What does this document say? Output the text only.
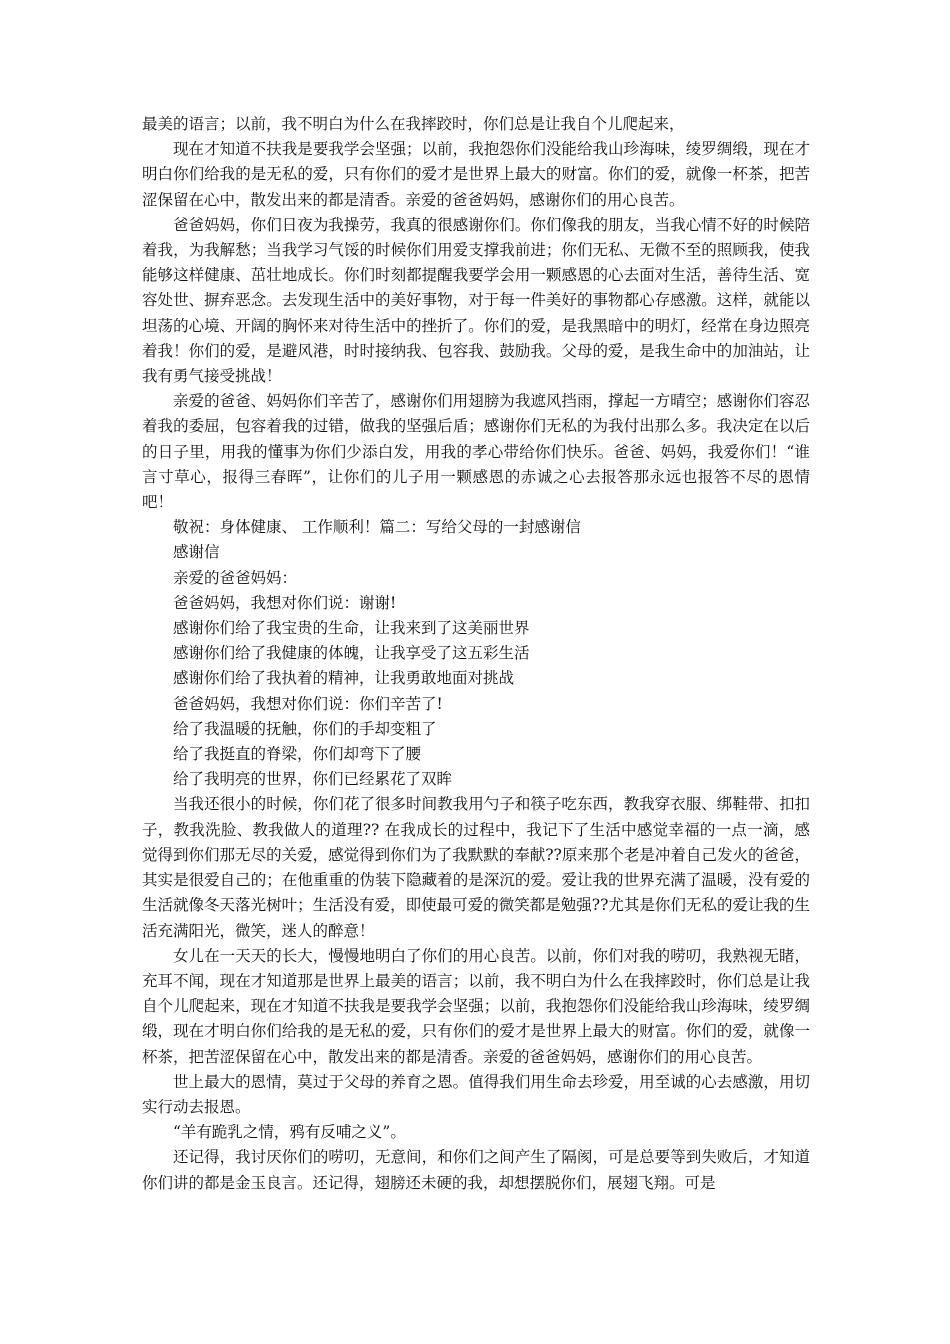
最美的语言；以前，我不明白为什么在我摔跤时，你们总是让我自个儿爬起来，

现在才知道不扶我是要我学会坚强；以前，我抱怨你们没能给我山珍海味，绫罗绸缎，现在才明白你们给我的是无私的爱，只有你们的爱才是世界上最大的财富。你们的爱，就像一杯茶，把苦涩保留在心中，散发出来的都是清香。亲爱的爸爸妈妈，感谢你们的用心良苦。

爸爸妈妈，你们日夜为我操劳，我真的很感谢你们。你们像我的朋友，当我心情不好的时候陪着我，为我解愁；当我学习气馁的时候你们用爱支撑我前进；你们无私、无微不至的照顾我，使我能够这样健康、茁壮地成长。你们时刻都提醒我要学会用一颗感恩的心去面对生活，善待生活、宽容处世、摒弃恶念。去发现生活中的美好事物，对于每一件美好的事物都心存感激。这样，就能以坦荡的心境、开阔的胸怀来对待生活中的挫折了。你们的爱，是我黑暗中的明灯，经常在身边照亮着我！你们的爱，是避风港，时时接纳我、包容我、鼓励我。父母的爱，是我生命中的加油站，让我有勇气接受挑战！

亲爱的爸爸、妈妈你们辛苦了，感谢你们用翅膀为我遮风挡雨，撑起一方晴空；感谢你们容忍着我的委屈，包容着我的过错，做我的坚强后盾；感谢你们无私的为我付出那么多。我决定在以后的日子里，用我的懂事为你们少添白发，用我的孝心带给你们快乐。爸爸、妈妈，我爱你们！“谁言寸草心，报得三春晖”，让你们的儿子用一颗感恩的赤诚之心去报答那永远也报答不尽的恩情吧！

敬祝：身体健康、 工作顺利！篇二：写给父母的一封感谢信

感谢信

亲爱的爸爸妈妈：

爸爸妈妈，我想对你们说：谢谢!

感谢你们给了我宝贵的生命，让我来到了这美丽世界

感谢你们给了我健康的体魄，让我享受了这五彩生活

感谢你们给了我执着的精神，让我勇敢地面对挑战

爸爸妈妈，我想对你们说：你们辛苦了!

给了我温暖的抚触，你们的手却变粗了

给了我挺直的脊梁，你们却弯下了腰

给了我明亮的世界，你们已经累花了双眸

当我还很小的时候，你们花了很多时间教我用勺子和筷子吃东西，教我穿衣服、绑鞋带、扣扣子，教我洗脸、教我做人的道理?? 在我成长的过程中，我记下了生活中感觉幸福的一点一滴，感觉得到你们那无尽的关爱，感觉得到你们为了我默默的奉献??原来那个老是冲着自己发火的爸爸，其实是很爱自己的；在他重重的伪装下隐藏着的是深沉的爱。爱让我的世界充满了温暖，没有爱的生活就像冬天落光树叶；生活没有爱，即使最可爱的微笑都是勉强??尤其是你们无私的爱让我的生活充满阳光，微笑，迷人的醉意！

女儿在一天天的长大，慢慢地明白了你们的用心良苦。以前，你们对我的唠叨，我熟视无睹，充耳不闻，现在才知道那是世界上最美的语言；以前，我不明白为什么在我摔跤时，你们总是让我自个儿爬起来，现在才知道不扶我是要我学会坚强；以前，我抱怨你们没能给我山珍海味，绫罗绸缎，现在才明白你们给我的是无私的爱，只有你们的爱才是世界上最大的财富。你们的爱，就像一杯茶，把苦涩保留在心中，散发出来的都是清香。亲爱的爸爸妈妈，感谢你们的用心良苦。

世上最大的恩情，莫过于父母的养育之恩。值得我们用生命去珍爱，用至诚的心去感激，用切实行动去报恩。

“羊有跪乳之情，鸦有反哺之义”。

还记得，我讨厌你们的唠叨，无意间，和你们之间产生了隔阂，可是总要等到失败后，才知道你们讲的都是金玉良言。还记得，翅膀还未硬的我，却想摆脱你们，展翅飞翔。可是
